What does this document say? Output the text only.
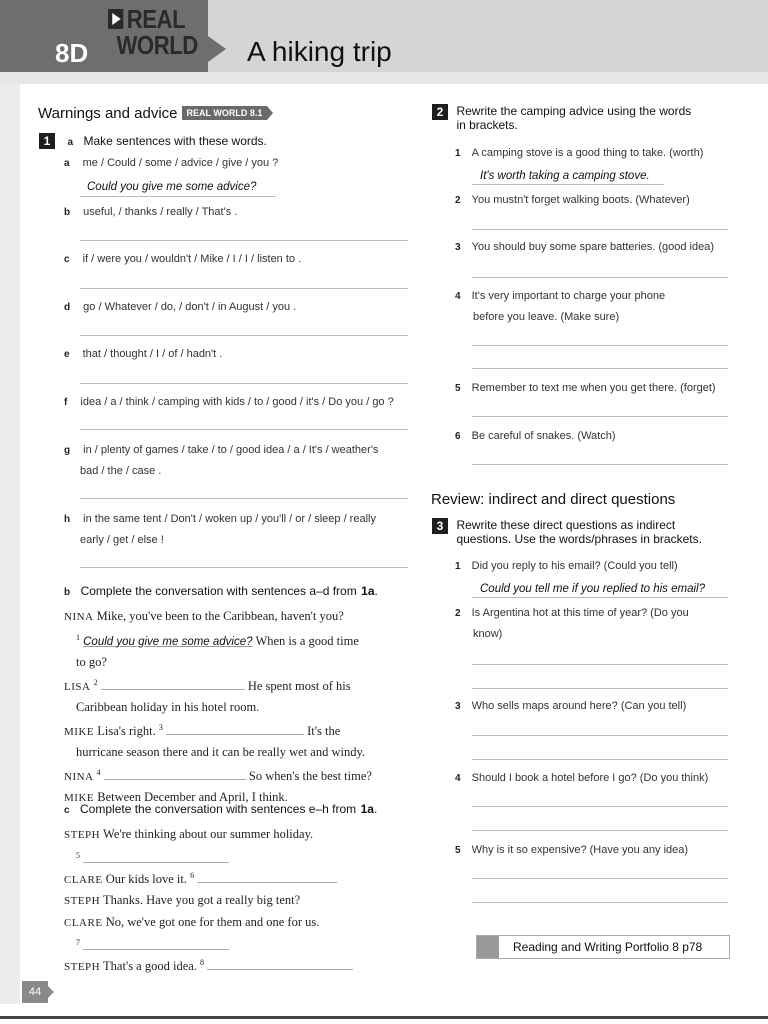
REAL
WORLD
8D	A hiking trip
Warnings and advice REAL WORLD 8.1
1 a Make sentences with these words.
a me / Could / some / advice / give / you ?
Could you give me some advice?
b useful, / thanks / really / That's .
c if / were you / wouldn't / Mike / I / I / listen to .
d go / Whatever / do, / don't / in August / you .
e that / thought / I / of / hadn't .
f idea / a / think / camping with kids / to / good / it's / Do you / go ?
g in / plenty of games / take / to / good idea / a / It's / weather's
bad / the / case .
h in the same tent / Don't / woken up / you'll / or / sleep / really
early / get / else !
b Complete the conversation with sentences a–d from 1a.
NINA Mike, you've been to the Caribbean, haven't you?
$^1$ Could you give me some advice? When is a good time
to go?
LISA $^2$	He spent most of his
Caribbean holiday in his hotel room.
MIKE Lisa's right. $^3$	It's the
hurricane season there and it can be really wet and windy.
NINA $^4$	So when's the best time?
MIKE Between December and April, I think.
c Complete the conversation with sentences e–h from 1a.
STEPH We're thinking about our summer holiday.
$^5$
CLARE Our kids love it. $^6$
STEPH Thanks. Have you got a really big tent?
CLARE No, we've got one for them and one for us.
$^7$
STEPH That's a good idea. $^8$
2 Rewrite the camping advice using the words
in brackets.
1 A camping stove is a good thing to take. (worth)
It's worth taking a camping stove.
2 You mustn't forget walking boots. (Whatever)
3 You should buy some spare batteries. (good idea)
4 It's very important to charge your phone
before you leave. (Make sure)
5 Remember to text me when you get there. (forget)
6 Be careful of snakes. (Watch)
Review: indirect and direct questions
3 Rewrite these direct questions as indirect
questions. Use the words/phrases in brackets.
1 Did you reply to his email? (Could you tell)
Could you tell me if you replied to his email?
2 Is Argentina hot at this time of year? (Do you
know)
3 Who sells maps around here? (Can you tell)
4 Should I book a hotel before I go? (Do you think)
5 Why is it so expensive? (Have you any idea)
Reading and Writing Portfolio 8 p78
44
